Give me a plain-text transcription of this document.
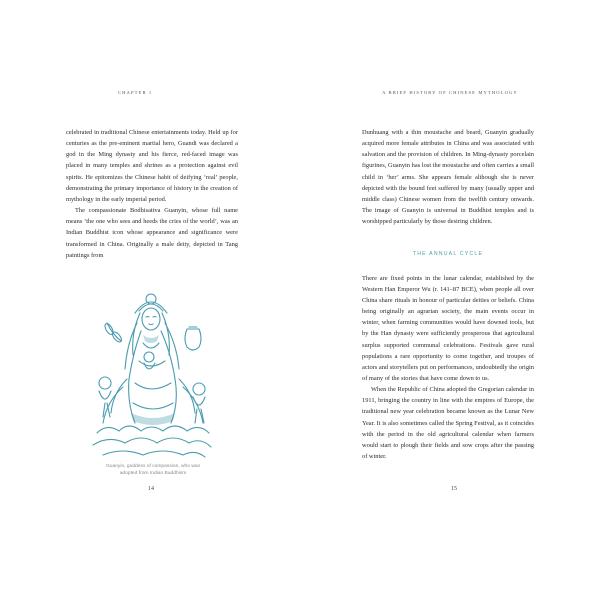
CHAPTER 1

celebrated in traditional Chinese entertainments today. Held up for centuries as the pre-eminent martial hero, Guandi was declared a god in the Ming dynasty and his fierce, red-faced image was placed in many temples and shrines as a protection against evil spirits. He epitomizes the Chinese habit of deifying ‘real’ people, demonstrating the primary importance of history in the creation of mythology in the early imperial period.

The compassionate Bodhisattva Guanyin, whose full name means ‘the one who sees and heeds the cries of the world’, was an Indian Buddhist icon whose appearance and significance were transformed in China. Originally a male deity, depicted in Tang paintings from

Guanyin, goddess of compassion, who was
adopted from Indian Buddhism
14
A BRIEF HISTORY OF CHINESE MYTHOLOGY

Dunhuang with a thin moustache and beard, Guanyin gradually acquired more female attributes in China and was associated with salvation and the provision of children. In Ming-dynasty porcelain figurines, Guanyin has lost the moustache and often carries a small child in ‘her’ arms. She appears female although she is never depicted with the bound feet suffered by many (usually upper and middle class) Chinese women from the twelfth century onwards. The image of Guanyin is universal in Buddhist temples and is worshipped particularly by those desiring children.

THE ANNUAL CYCLE

There are fixed points in the lunar calendar, established by the Western Han Emperor Wu (r. 141–87 BCE), when people all over China share rituals in honour of particular deities or beliefs. China being originally an agrarian society, the main events occur in winter, when farming communities would have downed tools, but by the Han dynasty were sufficiently prosperous that agricultural surplus supported communal celebrations. Festivals gave rural populations a rare opportunity to come together, and troupes of actors and storytellers put on performances, undoubtedly the origin of many of the stories that have come down to us.

When the Republic of China adopted the Gregorian calendar in 1911, bringing the country in line with the empires of Europe, the traditional new year celebration became known as the Lunar New Year. It is also sometimes called the Spring Festival, as it coincides with the period in the old agricultural calendar when farmers would start to plough their fields and sow crops after the passing of winter.

15
